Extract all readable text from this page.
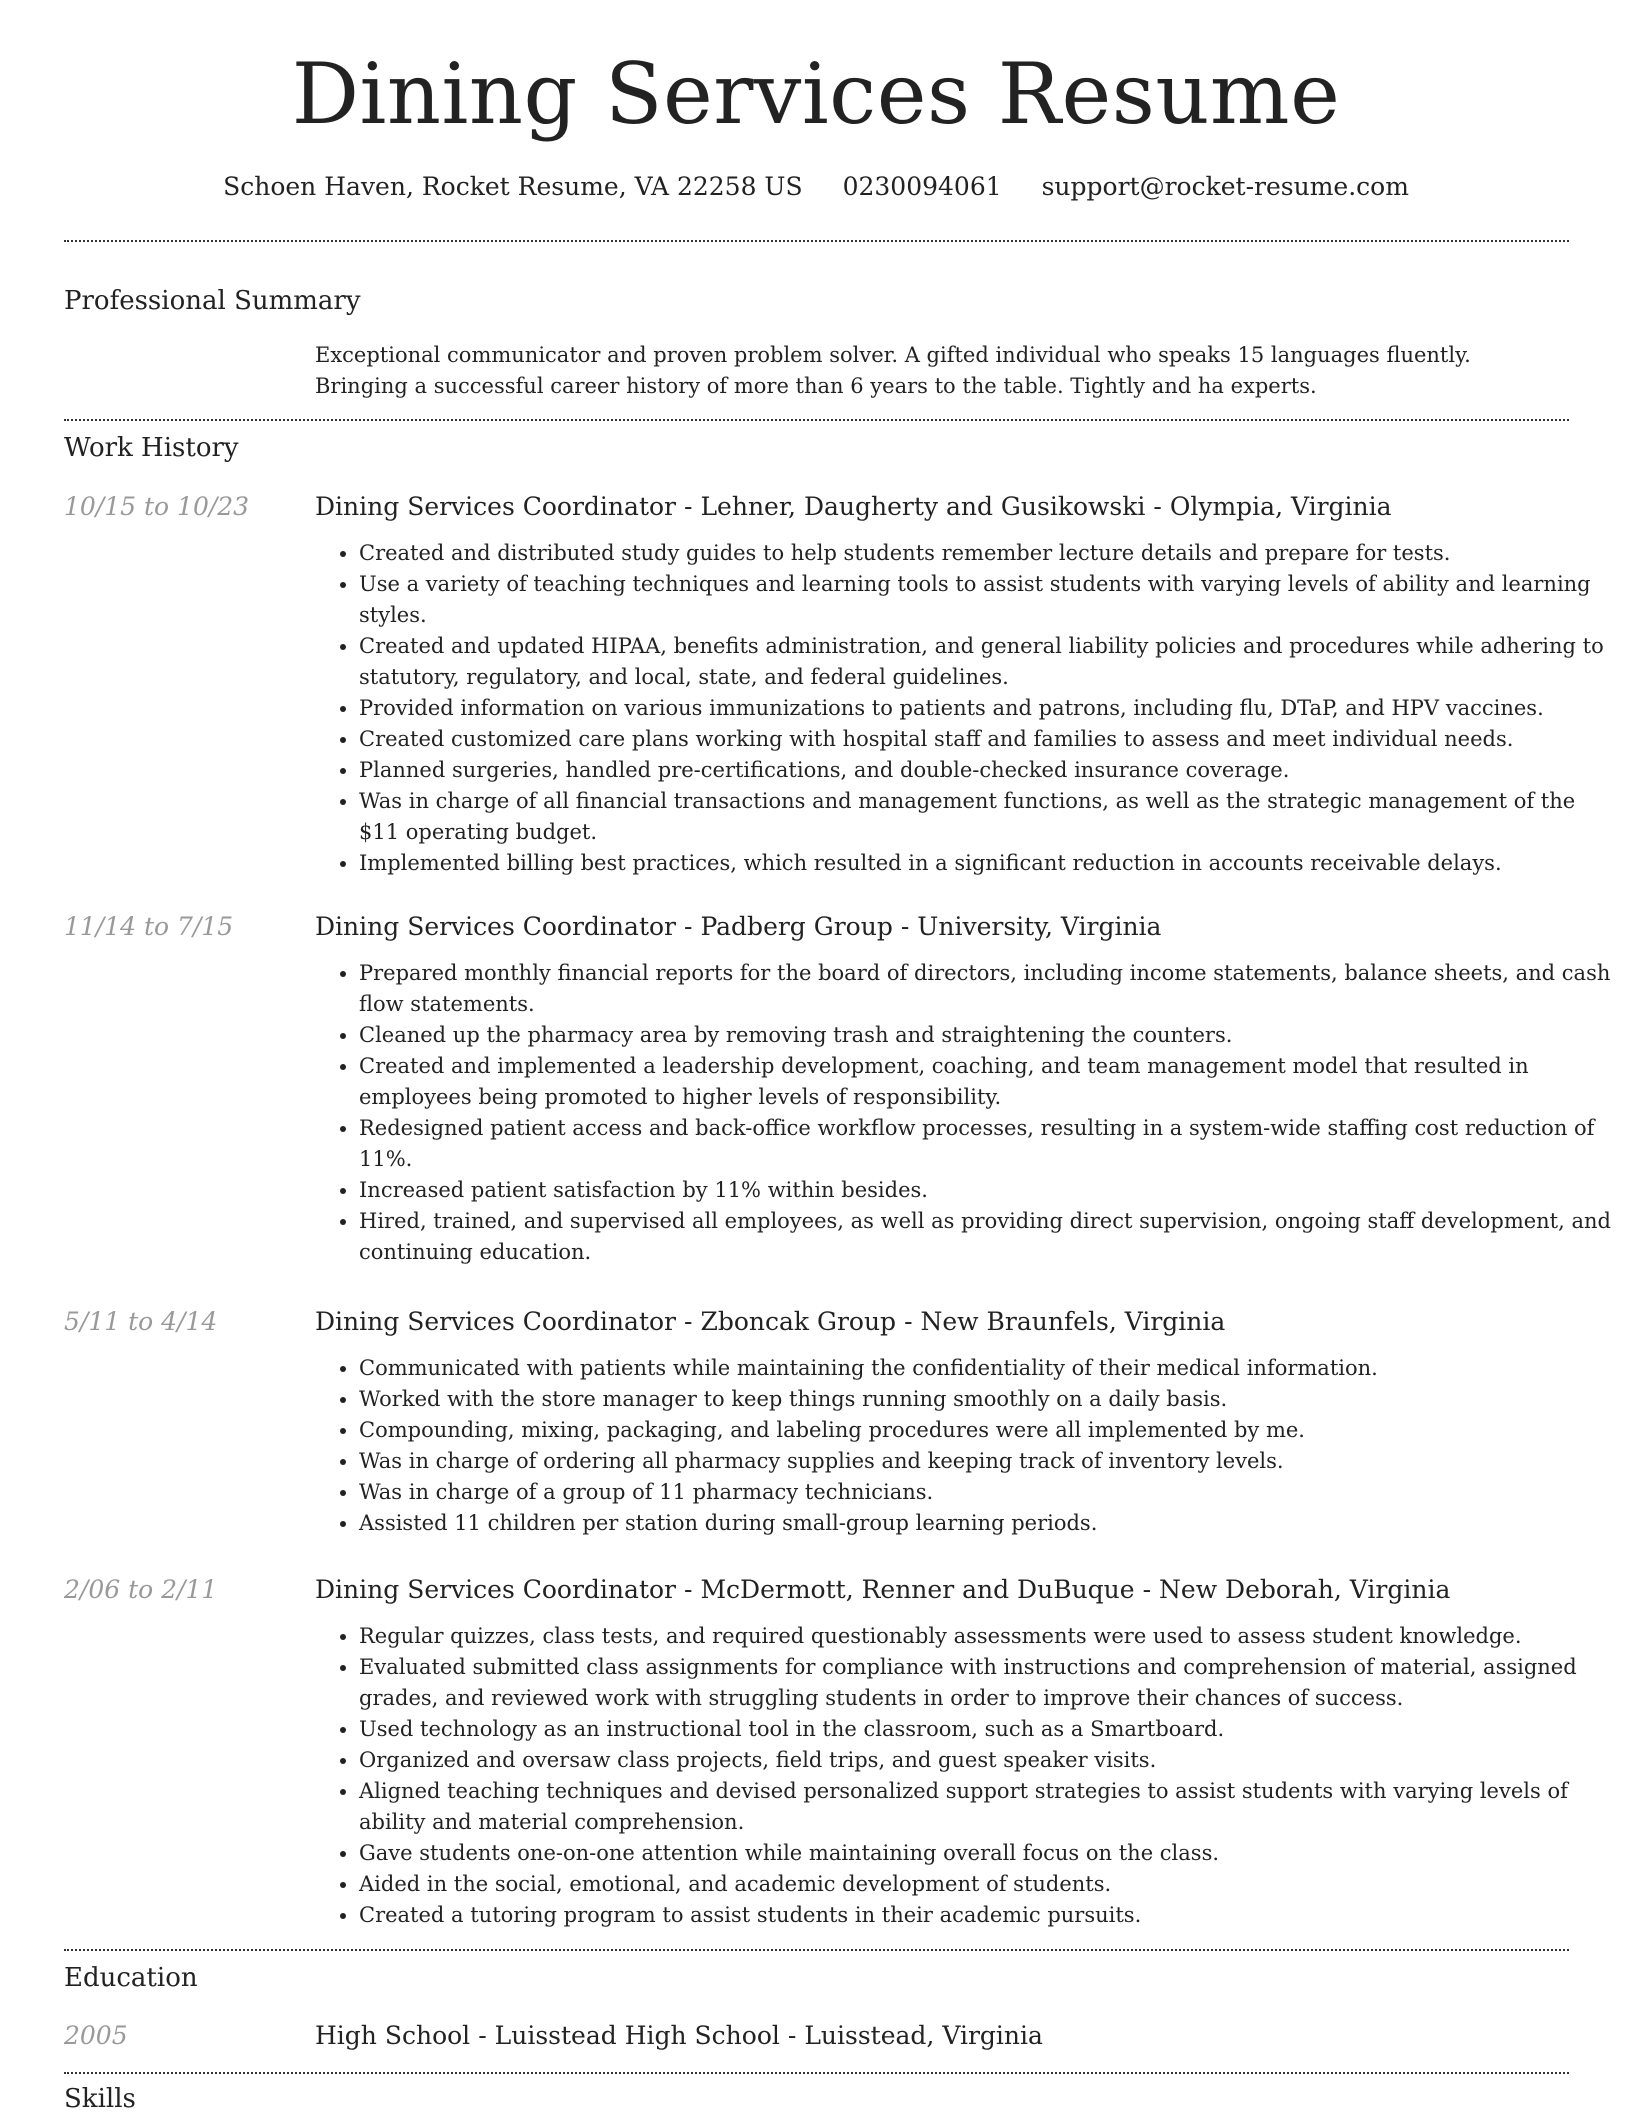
Dining Services Resume
Schoen Haven, Rocket Resume, VA 22258 US 0230094061 support@rocket-resume.com
Professional Summary

Exceptional communicator and proven problem solver. A gifted individual who speaks 15 languages fluently. Bringing a successful career history of more than 6 years to the table. Tightly and ha experts.

Work History
10/15 to 10/23	Dining Services Coordinator - Lehner, Daugherty and Gusikowski - Olympia, Virginia
• Created and distributed study guides to help students remember lecture details and prepare for tests.
• Use a variety of teaching techniques and learning tools to assist students with varying levels of ability and learning styles.
• Created and updated HIPAA, benefits administration, and general liability policies and procedures while adhering to statutory, regulatory, and local, state, and federal guidelines.
• Provided information on various immunizations to patients and patrons, including flu, DTaP, and HPV vaccines.
• Created customized care plans working with hospital staff and families to assess and meet individual needs.
• Planned surgeries, handled pre-certifications, and double-checked insurance coverage.
• Was in charge of all financial transactions and management functions, as well as the strategic management of the $11 operating budget.
• Implemented billing best practices, which resulted in a significant reduction in accounts receivable delays.
11/14 to 7/15	Dining Services Coordinator - Padberg Group - University, Virginia
• Prepared monthly financial reports for the board of directors, including income statements, balance sheets, and cash flow statements.
• Cleaned up the pharmacy area by removing trash and straightening the counters.
• Created and implemented a leadership development, coaching, and team management model that resulted in employees being promoted to higher levels of responsibility.
• Redesigned patient access and back-office workflow processes, resulting in a system-wide staffing cost reduction of 11%.
• Increased patient satisfaction by 11% within besides.
• Hired, trained, and supervised all employees, as well as providing direct supervision, ongoing staff development, and continuing education.
5/11 to 4/14	Dining Services Coordinator - Zboncak Group - New Braunfels, Virginia
• Communicated with patients while maintaining the confidentiality of their medical information.
• Worked with the store manager to keep things running smoothly on a daily basis.
• Compounding, mixing, packaging, and labeling procedures were all implemented by me.
• Was in charge of ordering all pharmacy supplies and keeping track of inventory levels.
• Was in charge of a group of 11 pharmacy technicians.
• Assisted 11 children per station during small-group learning periods.
2/06 to 2/11	Dining Services Coordinator - McDermott, Renner and DuBuque - New Deborah, Virginia
• Regular quizzes, class tests, and required questionably assessments were used to assess student knowledge.
• Evaluated submitted class assignments for compliance with instructions and comprehension of material, assigned grades, and reviewed work with struggling students in order to improve their chances of success.
• Used technology as an instructional tool in the classroom, such as a Smartboard.
• Organized and oversaw class projects, field trips, and guest speaker visits.
• Aligned teaching techniques and devised personalized support strategies to assist students with varying levels of ability and material comprehension.
• Gave students one-on-one attention while maintaining overall focus on the class.
• Aided in the social, emotional, and academic development of students.
• Created a tutoring program to assist students in their academic pursuits.
Education
2005	High School - Luisstead High School - Luisstead, Virginia
Skills
